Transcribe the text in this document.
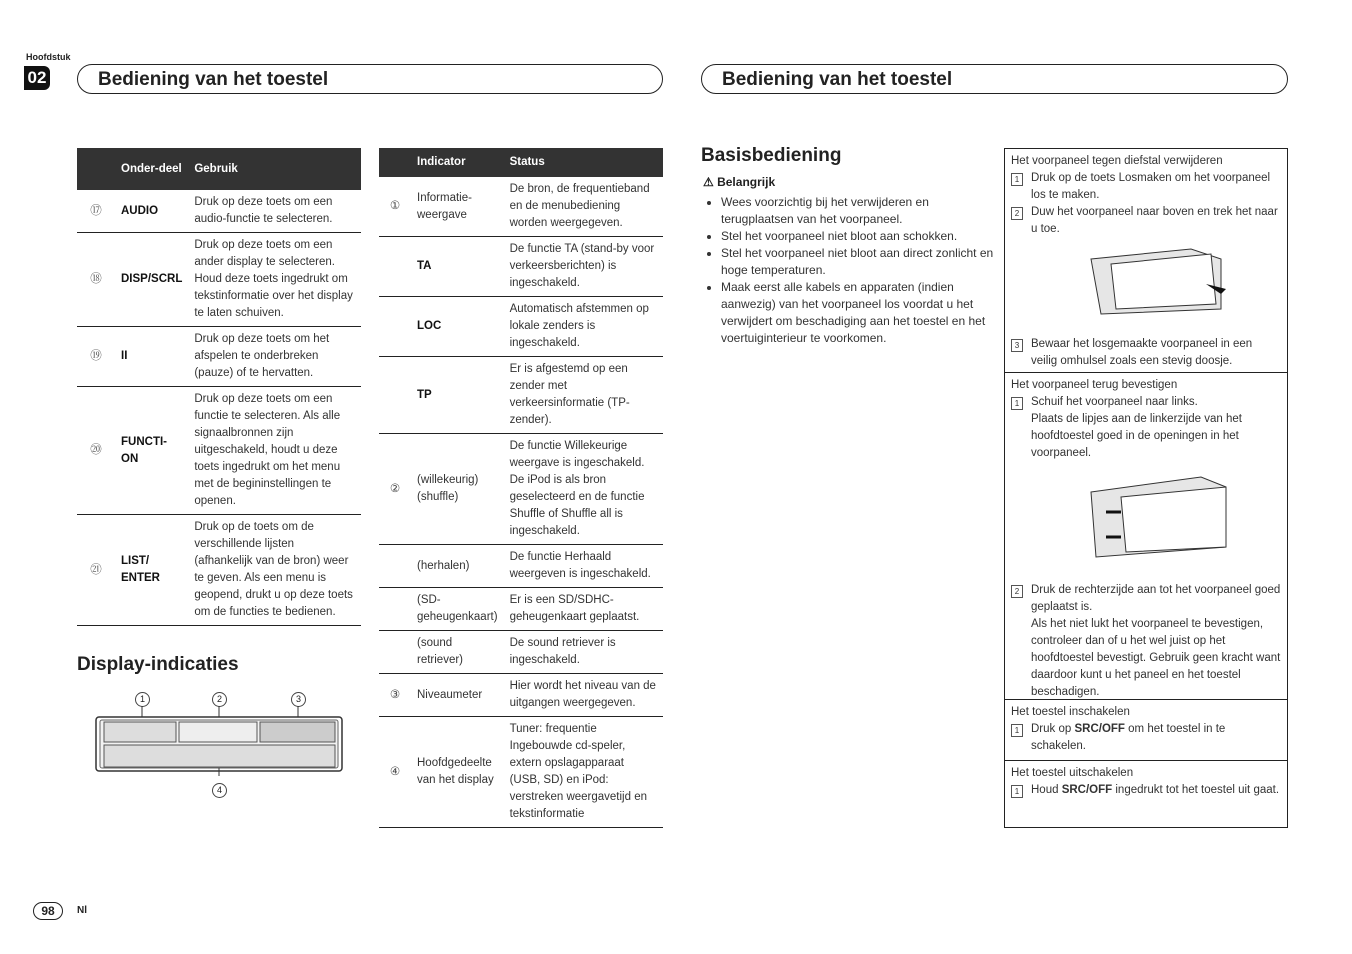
Hoofdstuk
02	Bediening van het toestel	Bediening van het toestel
	Onder-deel	Gebruik
⑰	AUDIO	Druk op deze toets om een audio-functie te selecteren.
⑱	DISP/SCRL	Druk op deze toets om een ander display te selecteren. Houd deze toets ingedrukt om tekstinformatie over het display te laten schuiven.
⑲	II	Druk op deze toets om het afspelen te onderbreken (pauze) of te hervatten.
⑳	FUNCTI-ON	Druk op deze toets om een functie te selecteren. Als alle signaalbronnen zijn uitgeschakeld, houdt u deze toets ingedrukt om het menu met de begininstellingen te openen.
㉑	LIST/ ENTER	Druk op de toets om de verschillende lijsten (afhankelijk van de bron) weer te geven. Als een menu is geopend, drukt u op deze toets om de functies te bedienen.
Display-indicaties
1	2	3
4
	Indicator	Status
①	Informatie-weergave	De bron, de frequentieband en de menubediening worden weergegeven.
	TA	De functie TA (stand-by voor verkeersberichten) is ingeschakeld.
	LOC	Automatisch afstemmen op lokale zenders is ingeschakeld.
	TP	Er is afgestemd op een zender met verkeersinformatie (TP-zender).
②	(willekeurig) (shuffle)	De functie Willekeurige weergave is ingeschakeld. De iPod is als bron geselecteerd en de functie Shuffle of Shuffle all is ingeschakeld.
	(herhalen)	De functie Herhaald weergeven is ingeschakeld.
	(SD-geheugenkaart)	Er is een SD/SDHC-geheugenkaart geplaatst.
	(sound retriever)	De sound retriever is ingeschakeld.
③	Niveaumeter	Hier wordt het niveau van de uitgangen weergegeven.
④	Hoofdgedeelte van het display	Tuner: frequentie Ingebouwde cd-speler, extern opslagapparaat (USB, SD) en iPod: verstreken weergavetijd en tekstinformatie
Basisbediening
⚠ Belangrijk
• Wees voorzichtig bij het verwijderen en terugplaatsen van het voorpaneel.
• Stel het voorpaneel niet bloot aan schokken.
• Stel het voorpaneel niet bloot aan direct zonlicht en hoge temperaturen.
• Maak eerst alle kabels en apparaten (indien aanwezig) van het voorpaneel los voordat u het verwijdert om beschadiging aan het toestel en het voertuiginterieur te voorkomen.
Het voorpaneel tegen diefstal verwijderen
1	Druk op de toets Losmaken om het voorpaneel los te maken.
2	Duw het voorpaneel naar boven en trek het naar u toe.
3	Bewaar het losgemaakte voorpaneel in een veilig omhulsel zoals een stevig doosje.
Het voorpaneel terug bevestigen
1	Schuif het voorpaneel naar links.
Plaats de lipjes aan de linkerzijde van het hoofdtoestel goed in de openingen in het voorpaneel.
2	Druk de rechterzijde aan tot het voorpaneel goed geplaatst is.
Als het niet lukt het voorpaneel te bevestigen, controleer dan of u het wel juist op het hoofdtoestel bevestigt. Gebruik geen kracht want daardoor kunt u het paneel en het toestel beschadigen.
Het toestel inschakelen
1	Druk op SRC/OFF om het toestel in te schakelen.
Het toestel uitschakelen
1	Houd SRC/OFF ingedrukt tot het toestel uit gaat.
98	Nl
